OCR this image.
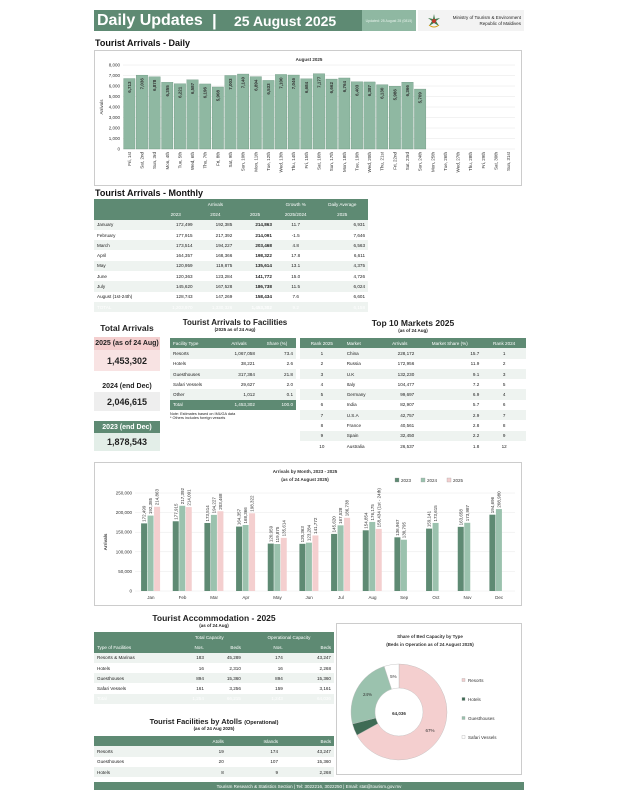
Daily Updates |	25 August 2025	Updated: 25 August 25 (0815)
Ministry of Tourism & Environment
Republic of Maldives
Tourist Arrivals - Daily
August 2025
0
1,000
2,000
3,000
4,000
5,000
6,000
7,000
8,000
Arrivals
6,713
Fri, 1st
7,036
Sat, 2nd
6,878
Sun, 3rd
6,355
Mon, 4th
6,221
Tue, 5th
6,587
Wed, 6th
6,196
Thu, 7th
5,908
Fri, 8th
7,003
Sat, 9th
7,140
Sun, 10th
6,894
Mon, 11th
6,533
Tue, 12th
7,100
Wed, 13th
7,046
Thu, 14th
6,684
Fri, 15th
7,177
Sat, 16th
6,662
Sun, 17th
6,764
Mon, 18th
6,403
Tue, 19th
6,387
Wed, 20th
6,130
Thu, 21st
5,986
Fri, 22nd
6,366
Sat, 23rd
5,709
Sun, 24th Mon, 25th Tue, 26th Wed, 27th Thu, 28th Fri, 29th Sat, 30th Sun, 31st
Tourist Arrivals - Monthly
	Arrivals			Growth %	Daily Average
	2023	2024	2025	2025/2024	2025
January	172,499	192,385	214,863	11.7	6,931
February	177,915	217,392	214,091	-1.5	7,646
March	173,514	194,227	203,468	4.8	6,563
April	164,357	168,366	198,322	17.8	6,611
May	120,959	119,875	135,614	13.1	4,375
June	120,363	123,284	141,772	15.0	4,726
July	145,620	167,528	186,738	11.5	6,024
August (1st-24th)	128,743	147,269	158,434	7.6	6,601
TOTAL	1,203,970	1,330,326	1,453,302	9.2	6,158
Total Arrivals
2025 (as of 24 Aug)
1,453,302
2024 (end Dec)
2,046,615
2023 (end Dec)
1,878,543
Tourist Arrivals to Facilities
(2025 as of 24 Aug)
Facility Type	Arrivals	Share (%)
Resorts	1,067,058	73.4
Hotels	38,221	2.6
Guesthouses	317,384	21.8
Safari Vessels	29,627	2.0
Other	1,012	0.1
Total	1,453,302	100.0
Note: Estimates based on IMUGA data
* Others includes foreign vessels
Top 10 Markets 2025
(as of 24 Aug)
Rank 2025	Market	Arrivals	Market Share (%)	Rank 2024
1	China	228,172	15.7	1
2	Russia	172,956	11.9	2
3	U.K	132,230	9.1	3
4	Italy	104,477	7.2	5
5	Germany	99,697	6.9	4
6	India	82,907	5.7	6
7	U.S.A	42,757	2.9	7
8	France	40,561	2.8	8
9	Spain	32,450	2.2	9
10	Australia	26,537	1.8	12
Arrivals by Month, 2023 - 2025
(as of 24 August 2025)	2023	2024	2025
0
50,000
100,000
150,000
200,000
250,000
Arrivals
172,499 192,385
214,863
Jan
177,915
217,392 214,091
Feb
173,514 194,227 203,468
Mar
164,357 168,366
198,322
Apr
120,959 119,875 135,614
May
120,363 123,284 141,772
Jun
145,620
167,528 186,738
Jul
154,854
176,175 158,434 (1st - 24th)
Aug
136,967 130,795
Sep
159,141 173,615
Oct
163,658 173,987
Nov
194,696 208,980
Dec
Tourist Accommodation - 2025
(as of 24 Aug)
	Total Capacity		Operational Capacity	
Type of Facilities	Nos.	Beds	Nos.	Beds
Resorts & Marinas	183	45,289	174	43,247
Hotels	16	2,310	16	2,268
Guesthouses	894	15,360	894	15,360
Safari Vessels	161	3,256	159	3,161
Total	1,254	66,215	1,243	64,036
Tourist Facilities by Atolls (Operational)
(as of 24 Aug 2025)
	Atolls	Islands	Beds
Resorts	19	174	43,247
Guesthouses	20	107	15,360
Hotels	8	9	2,268
Share of Bed Capacity by Type
(Beds in Operation as of 24 August 2025)
67%
24%
5%
64,036
Resorts
Hotels
Guesthouses
Safari Vessels
Tourism Research & Statistics Section | Tel: 3022216, 3022250 | Email: stat@tourism.gov.mv
